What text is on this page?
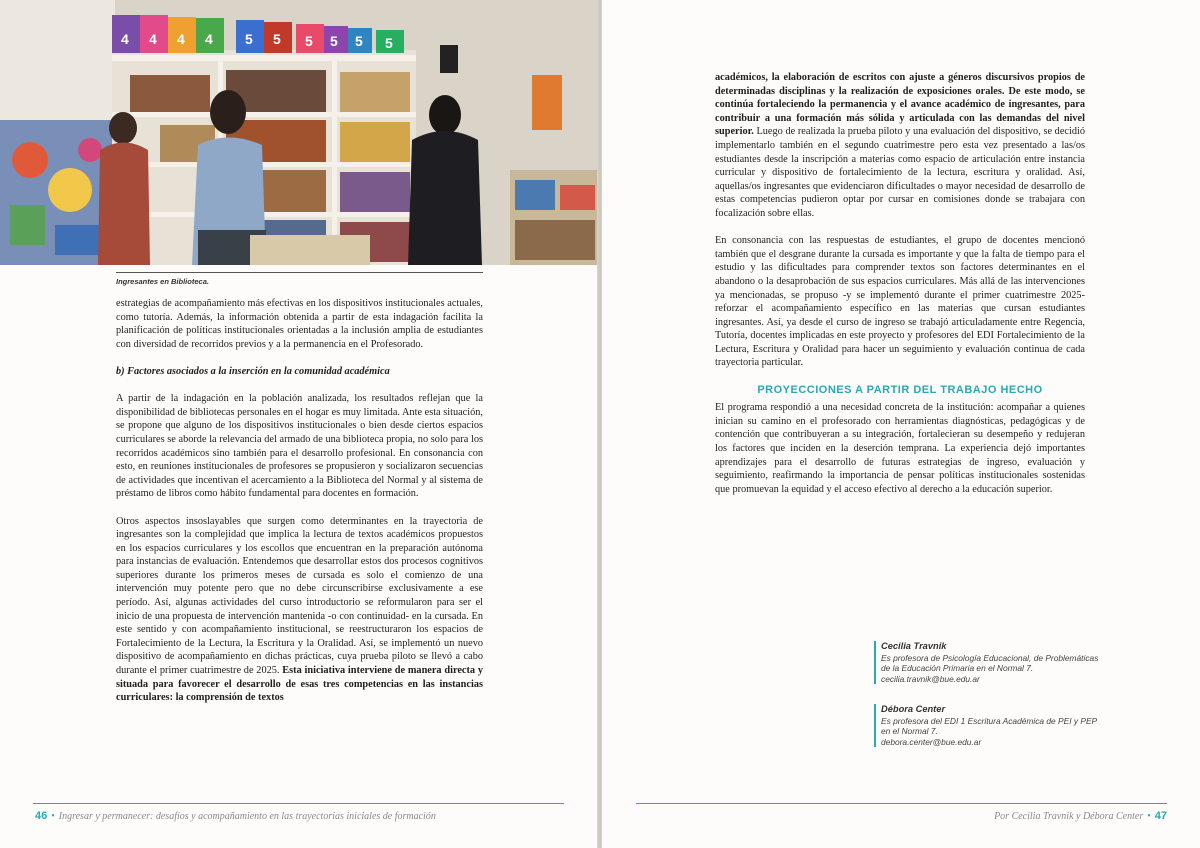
4 4 4 4 5 5 5 5 5 5
Ingresantes en Biblioteca.

estrategias de acompañamiento más efectivas en los dispositivos institucionales actuales, como tutoría. Además, la información obtenida a partir de esta indagación facilita la planificación de políticas institucionales orientadas a la inclusión amplia de estudiantes con diversidad de recorridos previos y a la permanencia en el Profesorado.

b) Factores asociados a la inserción en la comunidad académica

A partir de la indagación en la población analizada, los resultados reflejan que la disponibilidad de bibliotecas personales en el hogar es muy limitada. Ante esta situación, se propone que alguno de los dispositivos institucionales o bien desde ciertos espacios curriculares se aborde la relevancia del armado de una biblioteca propia, no solo para los recorridos académicos sino también para el desarrollo profesional. En consonancia con esto, en reuniones institucionales de profesores se propusieron y socializaron secuencias de actividades que incentivan el acercamiento a la Biblioteca del Normal y al sistema de préstamo de libros como hábito fundamental para docentes en formación.

Otros aspectos insoslayables que surgen como determinantes en la trayectoria de ingresantes son la complejidad que implica la lectura de textos académicos propuestos en los espacios curriculares y los escollos que encuentran en la preparación autónoma para instancias de evaluación. Entendemos que desarrollar estos dos procesos cognitivos superiores durante los primeros meses de cursada es solo el comienzo de una intervención muy potente pero que no debe circunscribirse exclusivamente a ese período. Así, algunas actividades del curso introductorio se reformularon para ser el inicio de una propuesta de intervención mantenida -o con continuidad- en la cursada. En este sentido y con acompañamiento institucional, se reestructuraron los espacios de Fortalecimiento de la Lectura, la Escritura y la Oralidad. Así, se implementó un nuevo dispositivo de acompañamiento en dichas prácticas, cuya prueba piloto se llevó a cabo durante el primer cuatrimestre de 2025. Esta iniciativa interviene de manera directa y situada para favorecer el desarrollo de esas tres competencias en las instancias curriculares: la comprensión de textos

46 • Ingresar y permanecer: desafíos y acompañamiento en las trayectorias iniciales de formación

académicos, la elaboración de escritos con ajuste a géneros discursivos propios de determinadas disciplinas y la realización de exposiciones orales. De este modo, se continúa fortaleciendo la permanencia y el avance académico de ingresantes, para contribuir a una formación más sólida y articulada con las demandas del nivel superior. Luego de realizada la prueba piloto y una evaluación del dispositivo, se decidió implementarlo también en el segundo cuatrimestre pero esta vez presentado a las/os estudiantes desde la inscripción a materias como espacio de articulación entre instancia curricular y dispositivo de fortalecimiento de la lectura, escritura y oralidad. Así, aquellas/os ingresantes que evidenciaron dificultades o mayor necesidad de desarrollo de estas competencias pudieron optar por cursar en comisiones donde se trabajara con focalización sobre ellas.

En consonancia con las respuestas de estudiantes, el grupo de docentes mencionó también que el desgrane durante la cursada es importante y que la falta de tiempo para el estudio y las dificultades para comprender textos son factores determinantes en el abandono o la desaprobación de sus espacios curriculares. Más allá de las intervenciones ya mencionadas, se propuso -y se implementó durante el primer cuatrimestre 2025- reforzar el acompañamiento específico en las materias que cursan estudiantes ingresantes. Así, ya desde el curso de ingreso se trabajó articuladamente entre Regencia, Tutoría, docentes implicadas en este proyecto y profesores del EDI Fortalecimiento de la Lectura, Escritura y Oralidad para hacer un seguimiento y evaluación continua de cada trayectoria particular.

PROYECCIONES A PARTIR DEL TRABAJO HECHO

El programa respondió a una necesidad concreta de la institución: acompañar a quienes inician su camino en el profesorado con herramientas diagnósticas, pedagógicas y de contención que contribuyeran a su integración, fortalecieran su desempeño y redujeran los factores que inciden en la deserción temprana. La experiencia dejó importantes aprendizajes para el desarrollo de futuras estrategias de ingreso, evaluación y seguimiento, reafirmando la importancia de pensar políticas institucionales sostenidas que promuevan la equidad y el acceso efectivo al derecho a la educación superior.

Cecilia Travnik
Es profesora de Psicología Educacional, de Problemáticas
de la Educación Primaria en el Normal 7.
cecilia.travnik@bue.edu.ar
Débora Center
Es profesora del EDI 1 Escritura Académica de PEI y PEP
en el Normal 7.
debora.center@bue.edu.ar
Por Cecilia Travnik y Débora Center • 47
